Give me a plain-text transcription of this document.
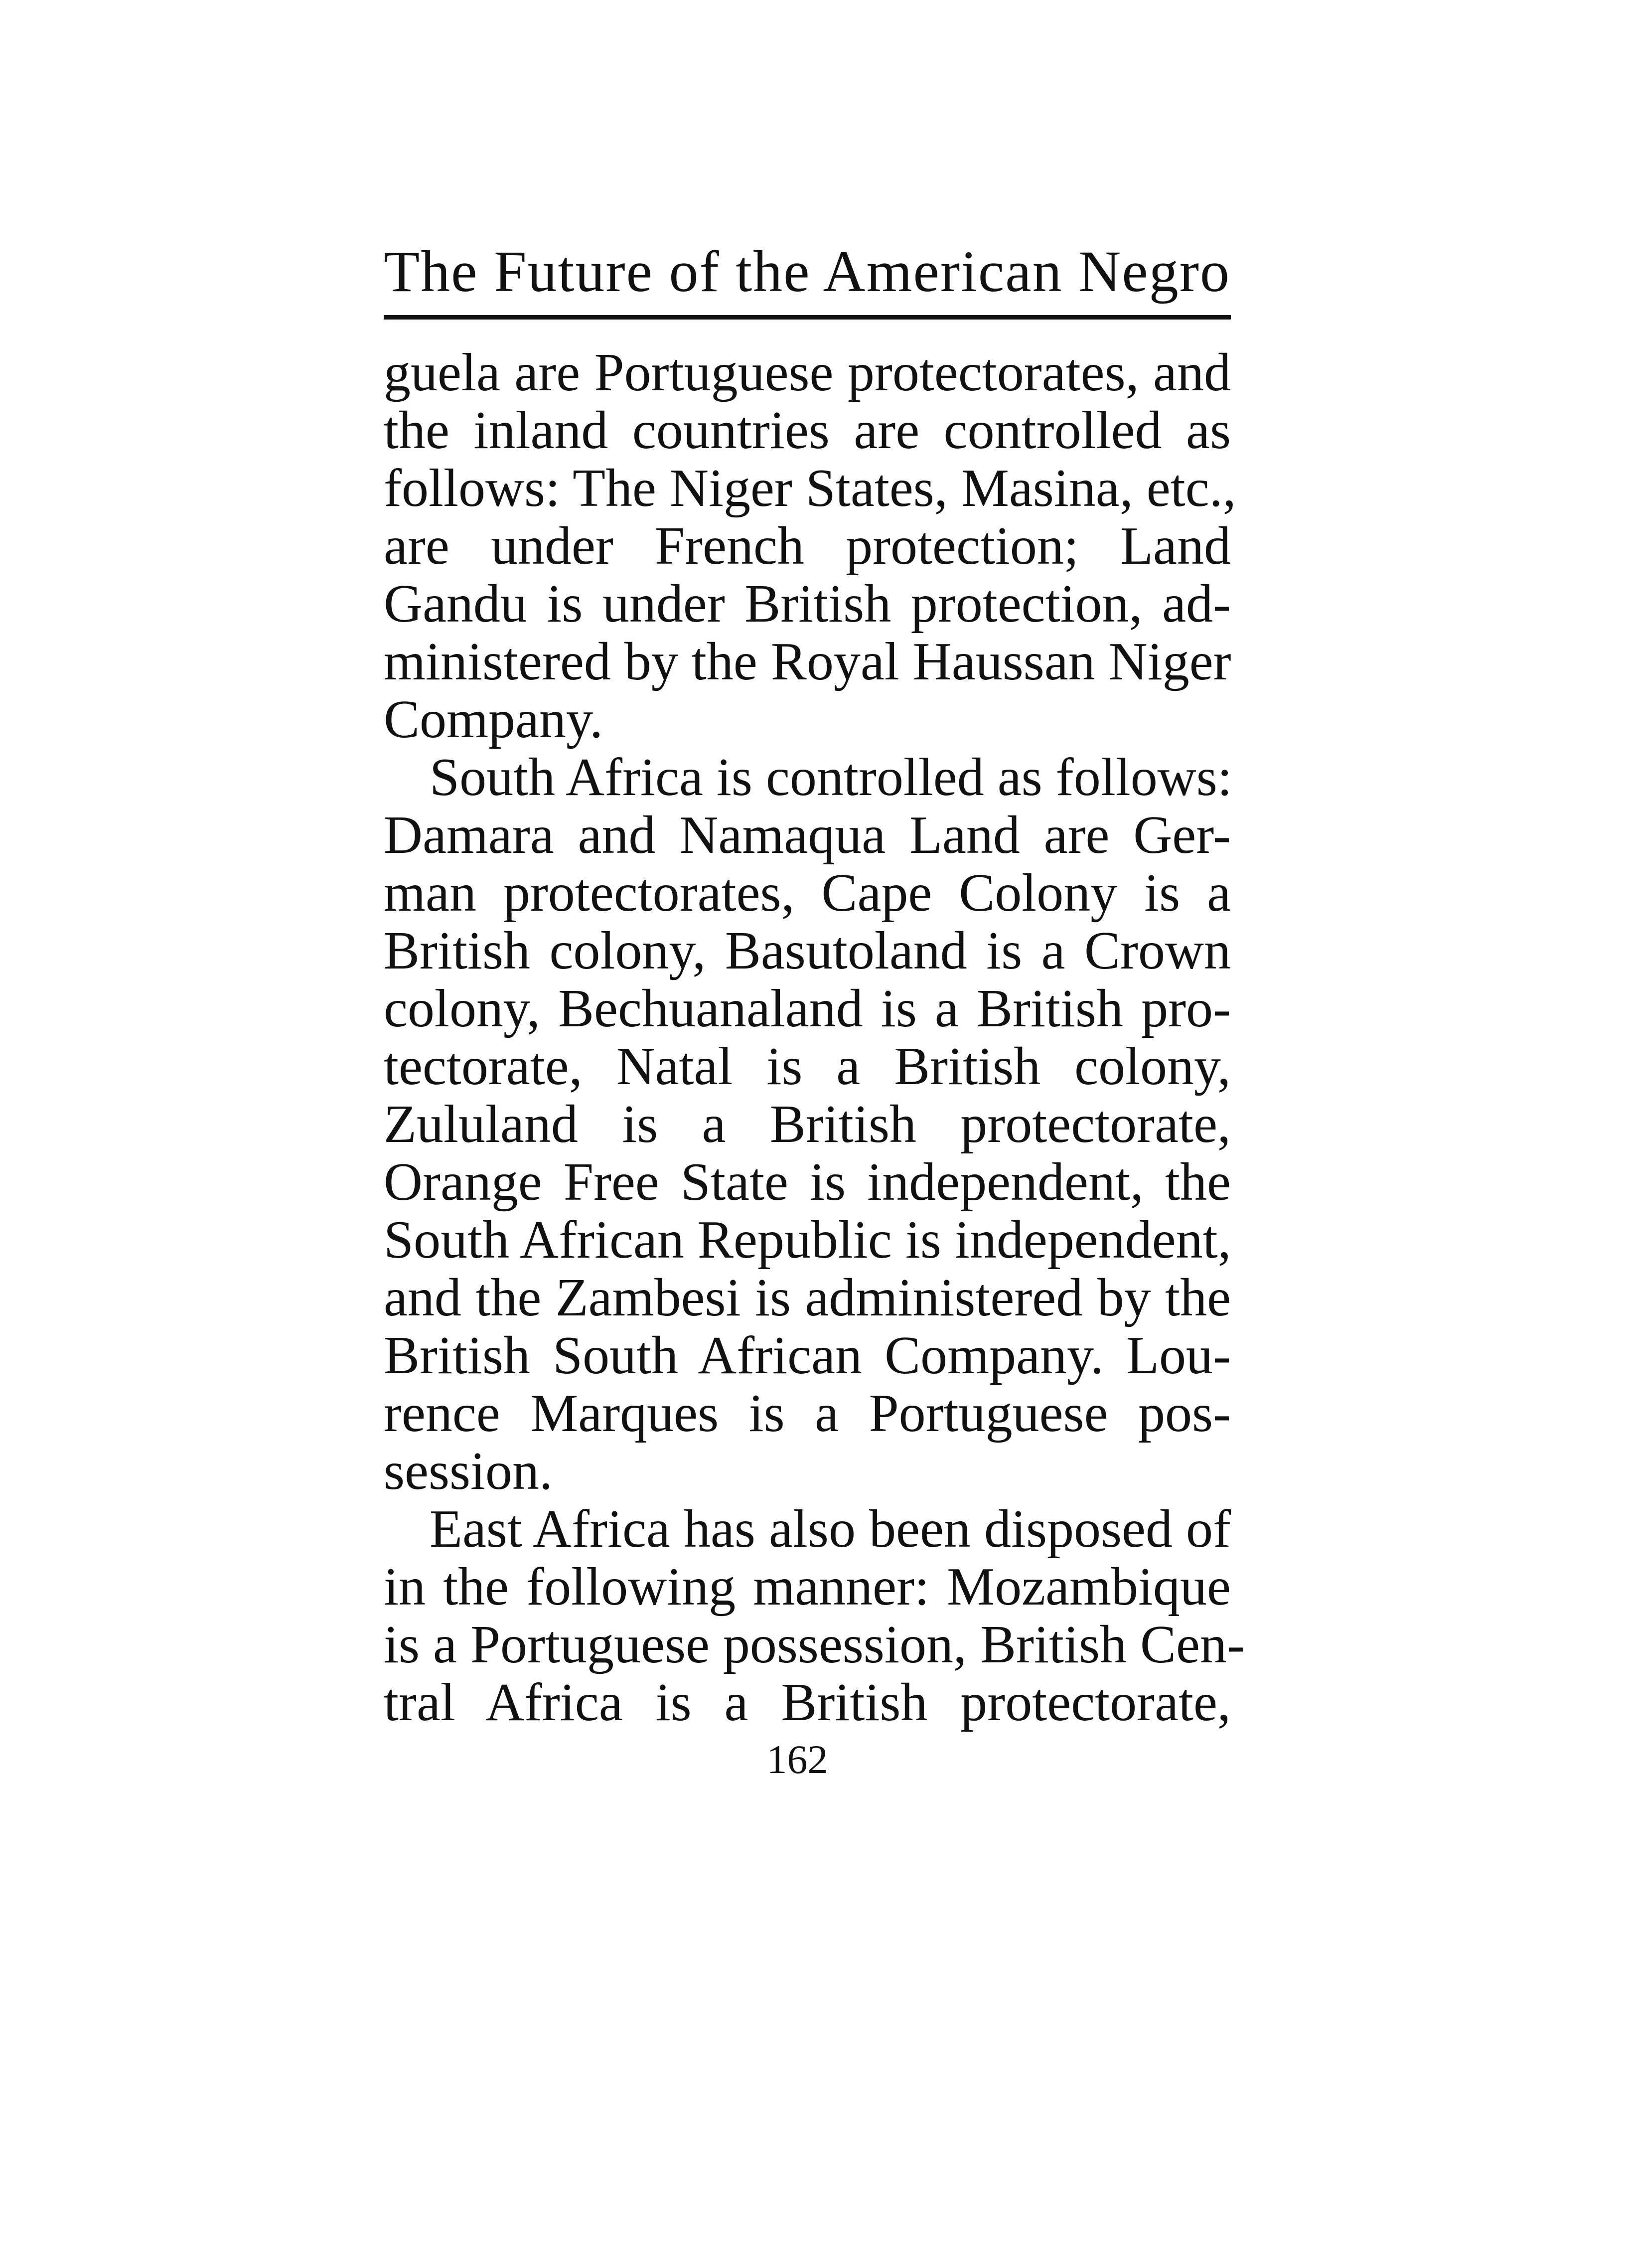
The Future of the American Negro
guela are Portuguese protectorates, and
the inland countries are controlled as
follows: The Niger States, Masina, etc.,
are under French protection; Land
Gandu is under British protection, ad-
ministered by the Royal Haussan Niger
Company.
South Africa is controlled as follows:
Damara and Namaqua Land are Ger-
man protectorates, Cape Colony is a
British colony, Basutoland is a Crown
colony, Bechuanaland is a British pro-
tectorate, Natal is a British colony,
Zululand is a British protectorate,
Orange Free State is independent, the
South African Republic is independent,
and the Zambesi is administered by the
British South African Company. Lou-
rence Marques is a Portuguese pos-
session.
East Africa has also been disposed of
in the following manner: Mozambique
is a Portuguese possession, British Cen-
tral Africa is a British protectorate,
162
